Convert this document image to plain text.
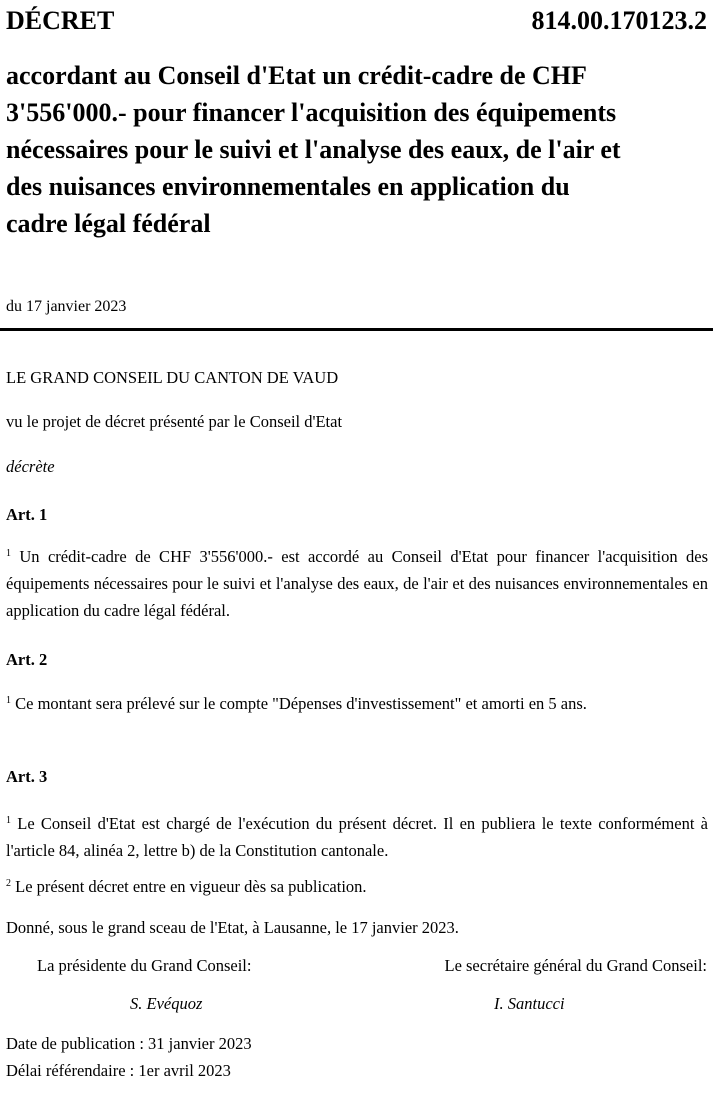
DÉCRET	814.00.170123.2
accordant au Conseil d'Etat un crédit-cadre de CHF
3'556'000.- pour financer l'acquisition des équipements
nécessaires pour le suivi et l'analyse des eaux, de l'air et
des nuisances environnementales en application du
cadre légal fédéral
du 17 janvier 2023
LE GRAND CONSEIL DU CANTON DE VAUD
vu le projet de décret présenté par le Conseil d'Etat
décrète
Art. 1
$^1$ Un crédit-cadre de CHF 3'556'000.- est accordé au Conseil d'Etat pour financer l'acquisition des équipements nécessaires pour le suivi et l'analyse des eaux, de l'air et des nuisances environnementales en application du cadre légal fédéral.
Art. 2
$^1$ Ce montant sera prélevé sur le compte "Dépenses d'investissement" et amorti en 5 ans.
Art. 3
$^1$ Le Conseil d'Etat est chargé de l'exécution du présent décret. Il en publiera le texte conformément à l'article 84, alinéa 2, lettre b) de la Constitution cantonale.
$^2$ Le présent décret entre en vigueur dès sa publication.
Donné, sous le grand sceau de l'Etat, à Lausanne, le 17 janvier 2023.
La présidente du Grand Conseil:	Le secrétaire général du Grand Conseil:
S. Evéquoz	I. Santucci
Date de publication : 31 janvier 2023
Délai référendaire : 1er avril 2023
